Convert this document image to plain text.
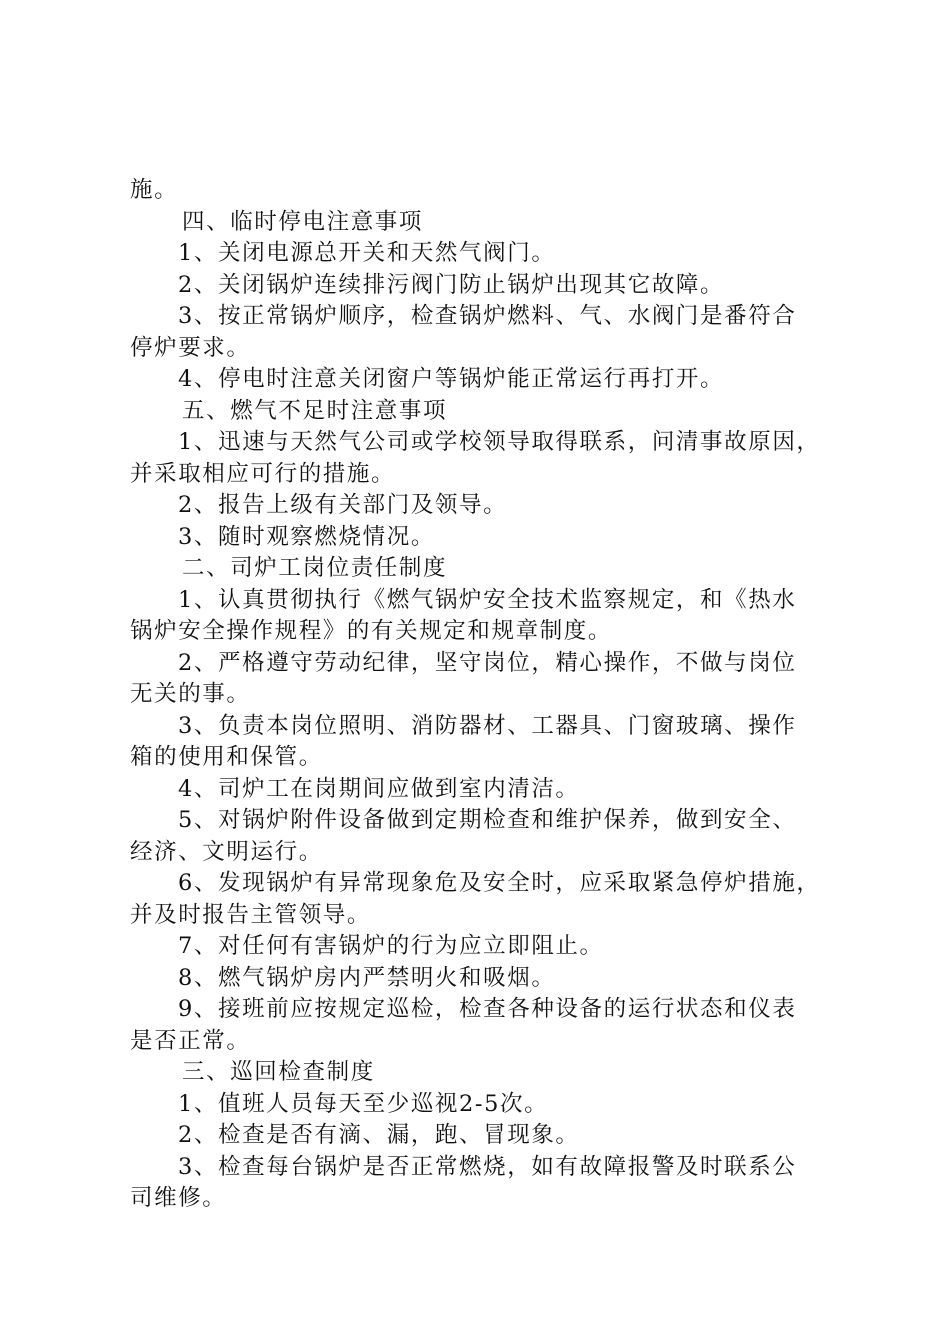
施。
四、临时停电注意事项
1、关闭电源总开关和天然气阀门。
2、关闭锅炉连续排污阀门防止锅炉出现其它故障。
3、按正常锅炉顺序，检查锅炉燃料、气、水阀门是番符合
停炉要求。
4、停电时注意关闭窗户等锅炉能正常运行再打开。
五、燃气不足时注意事项
1、迅速与天然气公司或学校领导取得联系，问清事故原因，
并采取相应可行的措施。
2、报告上级有关部门及领导。
3、随时观察燃烧情况。
二、司炉工岗位责任制度
1、认真贯彻执行《燃气锅炉安全技术监察规定，和《热水
锅炉安全操作规程》的有关规定和规章制度。
2、严格遵守劳动纪律，坚守岗位，精心操作，不做与岗位
无关的事。
3、负责本岗位照明、消防器材、工器具、门窗玻璃、操作
箱的使用和保管。
4、司炉工在岗期间应做到室内清洁。
5、对锅炉附件设备做到定期检查和维护保养，做到安全、
经济、文明运行。
6、发现锅炉有异常现象危及安全时，应采取紧急停炉措施，
并及时报告主管领导。
7、对任何有害锅炉的行为应立即阻止。
8、燃气锅炉房内严禁明火和吸烟。
9、接班前应按规定巡检，检查各种设备的运行状态和仪表
是否正常。
三、巡回检查制度
1、值班人员每天至少巡视2-5次。
2、检查是否有滴、漏，跑、冒现象。
3、检查每台锅炉是否正常燃烧，如有故障报警及时联系公
司维修。
